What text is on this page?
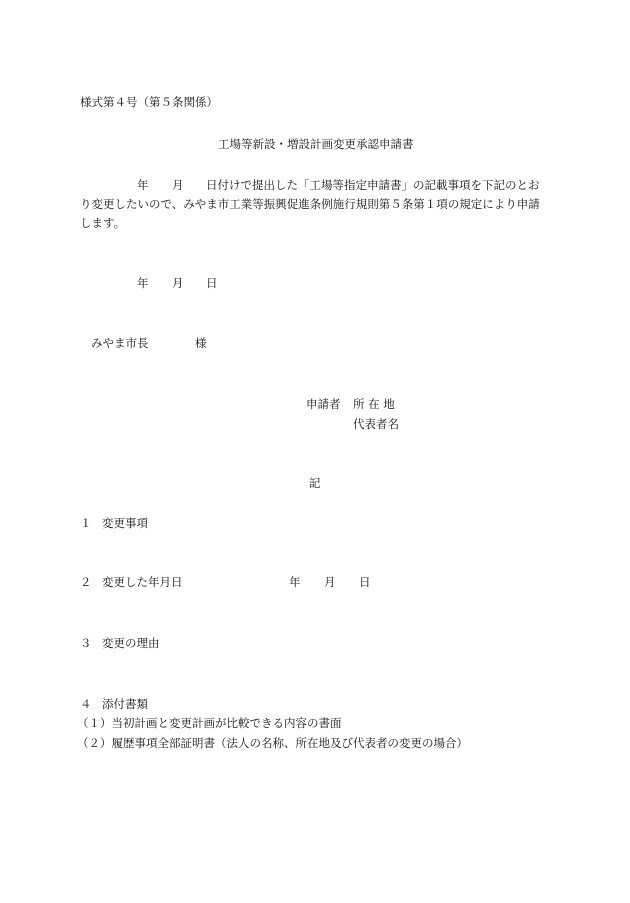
様式第４号（第５条関係）
工場等新設・増設計画変更承認申請書
年 月 日付けで提出した「工場等指定申請書」の記載事項を下記のとお
り変更したいので、みやま市工業等振興促進条例施行規則第５条第１項の規定により申請
します。
年 月 日
みやま市長	様
申請者 所 在 地
代表者名
記
１ 変更事項
２ 変更した年月日	年 月 日
３ 変更の理由
４ 添付書類
（１）当初計画と変更計画が比較できる内容の書面
（２）履歴事項全部証明書（法人の名称、所在地及び代表者の変更の場合）
